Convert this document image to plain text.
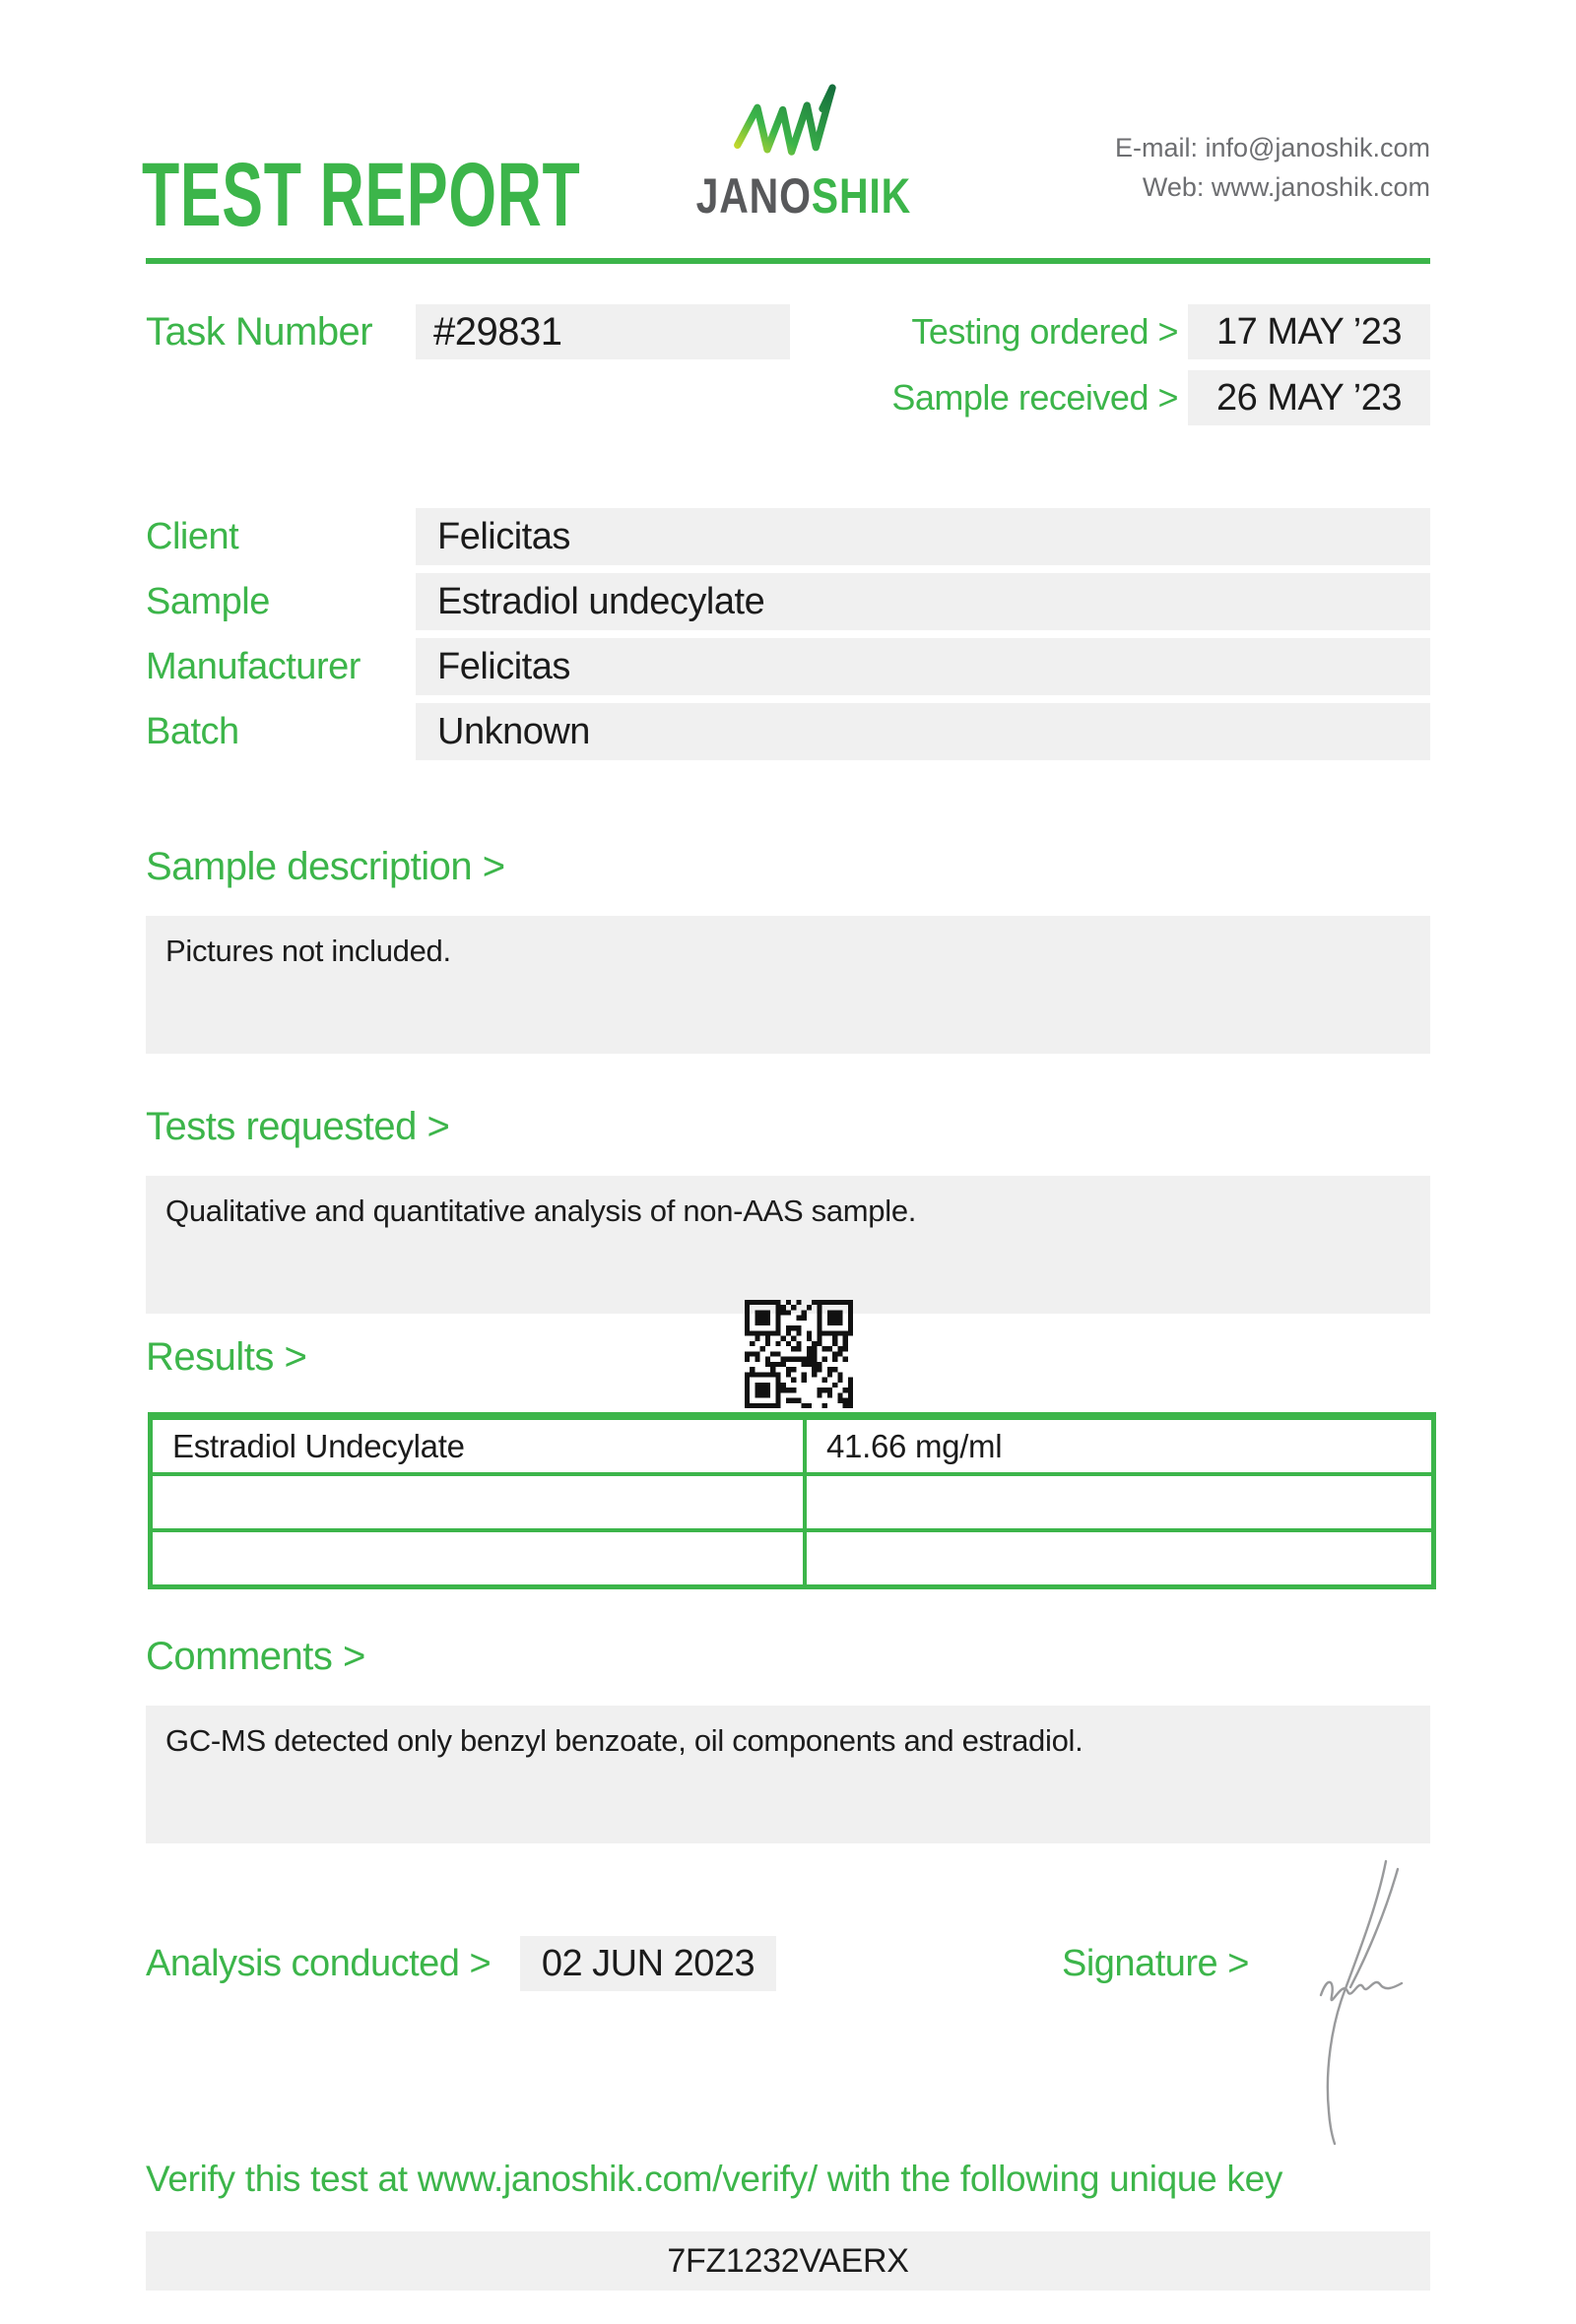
TEST REPORT JANOSHIK
E-mail: info@janoshik.com
Web: www.janoshik.com
Task Number	#29831	Testing ordered >	17 MAY ’23
Sample received >	26 MAY ’23
Client	Felicitas
Sample	Estradiol undecylate
Manufacturer	Felicitas
Batch	Unknown
Sample description >
Pictures not included.
Tests requested >
Qualitative and quantitative analysis of non-AAS sample.
Results >
Estradiol Undecylate	41.66 mg/ml

Comments >
GC-MS detected only benzyl benzoate, oil components and estradiol.
Analysis conducted >	02 JUN 2023	Signature >
Verify this test at www.janoshik.com/verify/ with the following unique key
7FZ1232VAERX
